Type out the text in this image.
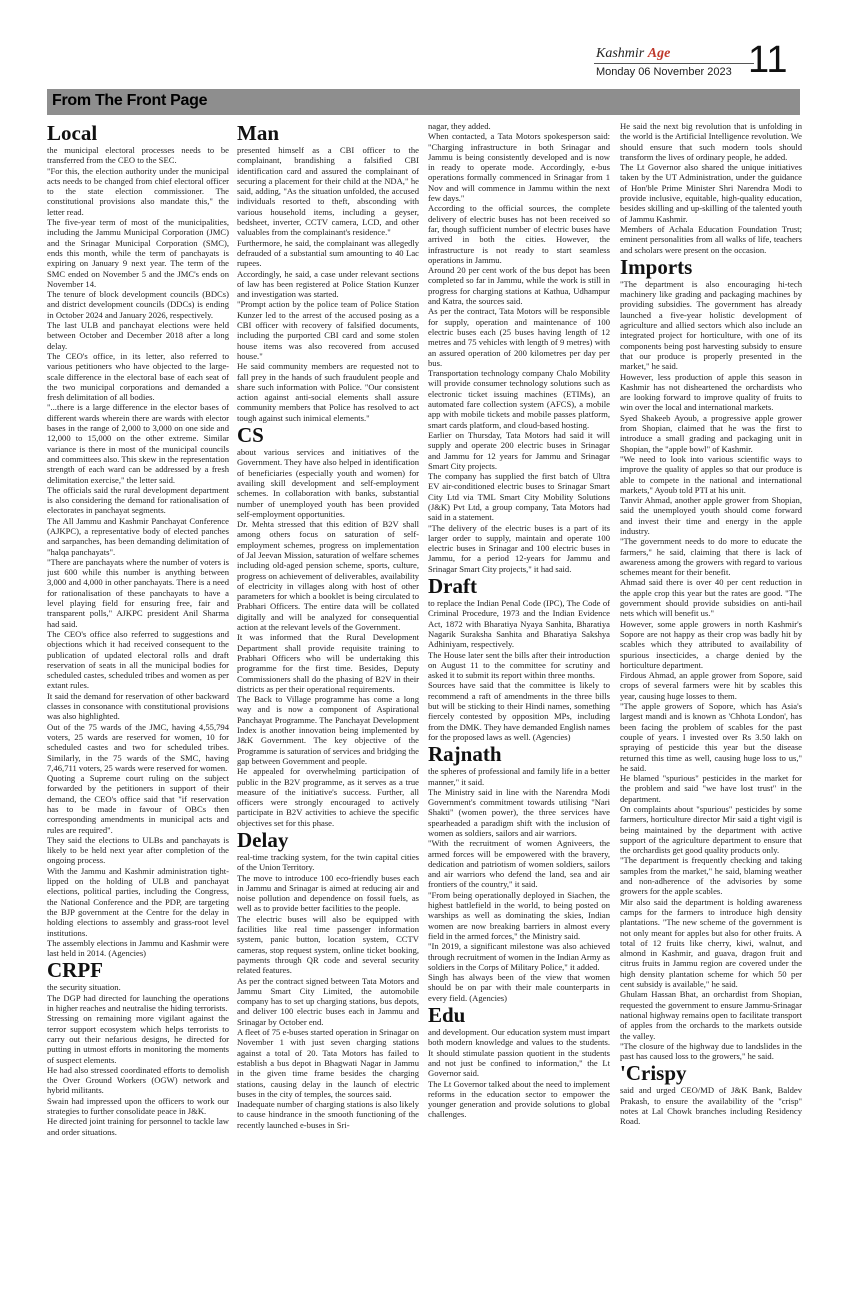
Kashmir Age
Monday 06 November 2023 11
From The Front Page
Local

the municipal electoral processes needs to be transferred from the CEO to the SEC.

"For this, the election authority under the municipal acts needs to be changed from chief electoral officer to the state election commissioner. The constitutional provisions also mandate this," the letter read.

The five-year term of most of the municipalities, including the Jammu Municipal Corporation (JMC) and the Srinagar Municipal Corporation (SMC), ends this month, while the term of panchayats is expiring on January 9 next year. The term of the SMC ended on November 5 and the JMC's ends on November 14.

The tenure of block development councils (BDCs) and district development councils (DDCs) is ending in October 2024 and January 2026, respectively.

The last ULB and panchayat elections were held between October and December 2018 after a long delay.

The CEO's office, in its letter, also referred to various petitioners who have objected to the large-scale difference in the electoral base of each seat of the two municipal corporations and demanded a fresh delimitation of all bodies.

"...there is a large difference in the elector bases of different wards wherein there are wards with elector bases in the range of 2,000 to 3,000 on one side and 12,000 to 15,000 on the other extreme. Similar variance is there in most of the municipal councils and committees also. This skew in the representation strength of each ward can be addressed by a fresh delimitation exercise," the letter said.

The officials said the rural development department is also considering the demand for rationalisation of electorates in panchayat segments.

The All Jammu and Kashmir Panchayat Conference (AJKPC), a representative body of elected panches and sarpanches, has been demanding delimitation of "halqa panchayats".

"There are panchayats where the number of voters is just 600 while this number is anything between 3,000 and 4,000 in other panchayats. There is a need for rationalisation of these panchayats to have a level playing field for ensuring free, fair and transparent polls," AJKPC president Anil Sharma had said.

The CEO's office also referred to suggestions and objections which it had received consequent to the publication of updated electoral rolls and draft reservation of seats in all the municipal bodies for scheduled castes, scheduled tribes and women as per extant rules.

It said the demand for reservation of other backward classes in consonance with constitutional provisions was also highlighted.

Out of the 75 wards of the JMC, having 4,55,794 voters, 25 wards are reserved for women, 10 for scheduled castes and two for scheduled tribes. Similarly, in the 75 wards of the SMC, having 7,46,711 voters, 25 wards were reserved for women.

Quoting a Supreme court ruling on the subject forwarded by the petitioners in support of their demand, the CEO's office said that "if reservation has to be made in favour of OBCs then corresponding amendments in municipal acts and rules are required".

They said the elections to ULBs and panchayats is likely to be held next year after completion of the ongoing process.

With the Jammu and Kashmir administration tight-lipped on the holding of ULB and panchayat elections, political parties, including the Congress, the National Conference and the PDP, are targeting the BJP government at the Centre for the delay in holding elections to assembly and grass-root level institutions.

The assembly elections in Jammu and Kashmir were last held in 2014. (Agencies)

CRPF

the security situation.

The DGP had directed for launching the operations in higher reaches and neutralise the hiding terrorists.

Stressing on remaining more vigilant against the terror support ecosystem which helps terrorists to carry out their nefarious designs, he directed for putting in utmost efforts in monitoring the moments of suspect elements.

He had also stressed coordinated efforts to demolish the Over Ground Workers (OGW) network and hybrid militants.

Swain had impressed upon the officers to work our strategies to further consolidate peace in J&K.

He directed joint training for personnel to tackle law and order situations.

Man

presented himself as a CBI officer to the complainant, brandishing a falsified CBI identification card and assured the complainant of securing a placement for their child at the NDA," he said, adding, "As the situation unfolded, the accused individuals resorted to theft, absconding with various household items, including a geyser, bedsheet, inverter, CCTV camera, LCD, and other valuables from the complainant's residence."

Furthermore, he said, the complainant was allegedly defrauded of a substantial sum amounting to 40 Lac rupees.

Accordingly, he said, a case under relevant sections of law has been registered at Police Station Kunzer and investigation was started.

"Prompt action by the police team of Police Station Kunzer led to the arrest of the accused posing as a CBI officer with recovery of falsified documents, including the purported CBI card and some stolen house items was also recovered from accused house."

He said community members are requested not to fall prey in the hands of such fraudulent people and share such information with Police. "Our consistent action against anti-social elements shall assure community members that Police has resolved to act tough against such inimical elements."

CS

about various services and initiatives of the Government. They have also helped in identification of beneficiaries (especially youth and women) for availing skill development and self-employment schemes. In collaboration with banks, substantial number of unemployed youth has been provided self-employment opportunities.

Dr. Mehta stressed that this edition of B2V shall among others focus on saturation of self-employment schemes, progress on implementation of Jal Jeevan Mission, saturation of welfare schemes including old-aged pension scheme, sports, culture, progress on achievement of deliverables, availability of electricity in villages along with host of other parameters for which a booklet is being circulated to Prabhari Officers. The entire data will be collated digitally and will be analyzed for consequential action at the relevant levels of the Government.

It was informed that the Rural Development Department shall provide requisite training to Prabhari Officers who will be undertaking this programme for the first time. Besides, Deputy Commissioners shall do the phasing of B2V in their districts as per their operational requirements.

The Back to Village programme has come a long way and is now a component of Aspirational Panchayat Programme. The Panchayat Development Index is another innovation being implemented by J&K Government. The key objective of the Programme is saturation of services and bridging the gap between Government and people.

He appealed for overwhelming participation of public in the B2V programme, as it serves as a true measure of the initiative's success. Further, all officers were strongly encouraged to actively participate in B2V activities to achieve the specific objectives set for this phase.

Delay

real-time tracking system, for the twin capital cities of the Union Territory.

The move to introduce 100 eco-friendly buses each in Jammu and Srinagar is aimed at reducing air and noise pollution and dependence on fossil fuels, as well as to provide better facilities to the people.

The electric buses will also be equipped with facilities like real time passenger information system, panic button, location system, CCTV cameras, stop request system, online ticket booking, payments through QR code and several security related features.

As per the contract signed between Tata Motors and Jammu Smart City Limited, the automobile company has to set up charging stations, bus depots, and deliver 100 electric buses each in Jammu and Srinagar by October end.

A fleet of 75 e-buses started operation in Srinagar on November 1 with just seven charging stations against a total of 20. Tata Motors has failed to establish a bus depot in Bhagwati Nagar in Jammu in the given time frame besides the charging stations, causing delay in the launch of electric buses in the city of temples, the sources said.

Inadequate number of charging stations is also likely to cause hindrance in the smooth functioning of the recently launched e-buses in Sri-

nagar, they added.

When contacted, a Tata Motors spokesperson said: "Charging infrastructure in both Srinagar and Jammu is being consistently developed and is now in ready to operate mode. Accordingly, e-bus operations formally commenced in Srinagar from 1 Nov and will commence in Jammu within the next few days."

According to the official sources, the complete delivery of electric buses has not been received so far, though sufficient number of electric buses have arrived in both the cities. However, the infrastructure is not ready to start seamless operations in Jammu.

Around 20 per cent work of the bus depot has been completed so far in Jammu, while the work is still in progress for charging stations at Kathua, Udhampur and Katra, the sources said.

As per the contract, Tata Motors will be responsible for supply, operation and maintenance of 100 electric buses each (25 buses having length of 12 metres and 75 vehicles with length of 9 metres) with an assured operation of 200 kilometres per day per bus.

Transportation technology company Chalo Mobility will provide consumer technology solutions such as electronic ticket issuing machines (ETIMs), an automated fare collection system (AFCS), a mobile app with mobile tickets and mobile passes platform, smart cards platform, and cloud-based hosting.

Earlier on Thursday, Tata Motors had said it will supply and operate 200 electric buses in Srinagar and Jammu for 12 years for Jammu and Srinagar Smart City projects.

The company has supplied the first batch of Ultra EV air-conditioned electric buses to Srinagar Smart City Ltd via TML Smart City Mobility Solutions (J&K) Pvt Ltd, a group company, Tata Motors had said in a statement.

"The delivery of the electric buses is a part of its larger order to supply, maintain and operate 100 electric buses in Srinagar and 100 electric buses in Jammu, for a period 12-years for Jammu and Srinagar Smart City projects," it had said.

Draft

to replace the Indian Penal Code (IPC), The Code of Criminal Procedure, 1973 and the Indian Evidence Act, 1872 with Bharatiya Nyaya Sanhita, Bharatiya Nagarik Suraksha Sanhita and Bharatiya Sakshya Adhiniyam, respectively.

The House later sent the bills after their introduction on August 11 to the committee for scrutiny and asked it to submit its report within three months.

Sources have said that the committee is likely to recommend a raft of amendments in the three bills but will be sticking to their Hindi names, something fiercely contested by opposition MPs, including from the DMK. They have demanded English names for the proposed laws as well. (Agencies)

Rajnath

the spheres of professional and family life in a better manner," it said.

The Ministry said in line with the Narendra Modi Government's commitment towards utilising "Nari Shakti" (women power), the three services have spearheaded a paradigm shift with the inclusion of women as soldiers, sailors and air warriors.

"With the recruitment of women Agniveers, the armed forces will be empowered with the bravery, dedication and patriotism of women soldiers, sailors and air warriors who defend the land, sea and air frontiers of the country," it said.

"From being operationally deployed in Siachen, the highest battlefield in the world, to being posted on warships as well as dominating the skies, Indian women are now breaking barriers in almost every field in the armed forces," the Ministry said.

"In 2019, a significant milestone was also achieved through recruitment of women in the Indian Army as soldiers in the Corps of Military Police," it added.

Singh has always been of the view that women should be on par with their male counterparts in every field. (Agencies)

Edu

and development. Our education system must impart both modern knowledge and values to the students. It should stimulate passion quotient in the students and not just be confined to information," the Lt Governor said.

The Lt Governor talked about the need to implement reforms in the education sector to empower the younger generation and provide solutions to global challenges.

He said the next big revolution that is unfolding in the world is the Artificial Intelligence revolution. We should ensure that such modern tools should transform the lives of ordinary people, he added.

The Lt Governor also shared the unique initiatives taken by the UT Administration, under the guidance of Hon'ble Prime Minister Shri Narendra Modi to provide inclusive, equitable, high-quality education, besides skilling and up-skilling of the talented youth of Jammu Kashmir.

Members of Achala Education Foundation Trust; eminent personalities from all walks of life, teachers and scholars were present on the occasion.

Imports

"The department is also encouraging hi-tech machinery like grading and packaging machines by providing subsidies. The government has already launched a five-year holistic development of agriculture and allied sectors which also include an integrated project for horticulture, with one of its components being post harvesting subsidy to ensure that our produce is properly presented in the market," he said.

However, less production of apple this season in Kashmir has not disheartened the orchardists who are looking forward to improve quality of fruits to win over the local and international markets.

Syed Shakeeb Ayoub, a progressive apple grower from Shopian, claimed that he was the first to introduce a small grading and packaging unit in Shopian, the "apple bowl" of Kashmir.

"We need to look into various scientific ways to improve the quality of apples so that our produce is able to compete in the national and international markets," Ayoub told PTI at his unit.

Tanvir Ahmad, another apple grower from Shopian, said the unemployed youth should come forward and invest their time and energy in the apple industry.

"The government needs to do more to educate the farmers," he said, claiming that there is lack of awareness among the growers with regard to various schemes meant for their benefit.

Ahmad said there is over 40 per cent reduction in the apple crop this year but the rates are good. "The government should provide subsidies on anti-hail nets which will benefit us."

However, some apple growers in north Kashmir's Sopore are not happy as their crop was badly hit by scables which they attributed to availability of spurious insecticides, a charge denied by the horticulture department.

Firdous Ahmad, an apple grower from Sopore, said crops of several farmers were hit by scables this year, causing huge losses to them.

"The apple growers of Sopore, which has Asia's largest mandi and is known as 'Chhota London', has been facing the problem of scables for the past couple of years. I invested over Rs 3.50 lakh on spraying of pesticide this year but the disease returned this time as well, causing huge loss to us," he said.

He blamed "spurious" pesticides in the market for the problem and said "we have lost trust" in the department.

On complaints about "spurious" pesticides by some farmers, horticulture director Mir said a tight vigil is being maintained by the department with active support of the agriculture department to ensure that the orchardists get good quality products only.

"The department is frequently checking and taking samples from the market," he said, blaming weather and non-adherence of the advisories by some growers for the apple scables.

Mir also said the department is holding awareness camps for the farmers to introduce high density plantations. "The new scheme of the government is not only meant for apples but also for other fruits. A total of 12 fruits like cherry, kiwi, walnut, and almond in Kashmir, and guava, dragon fruit and citrus fruits in Jammu region are covered under the high density plantation scheme for which 50 per cent subsidy is available," he said.

Ghulam Hassan Bhat, an orchardist from Shopian, requested the government to ensure Jammu-Srinagar national highway remains open to facilitate transport of apples from the orchards to the markets outside the valley.

"The closure of the highway due to landslides in the past has caused loss to the growers," he said.

'Crispy

said and urged CEO/MD of J&K Bank, Baldev Prakash, to ensure the availability of the "crisp" notes at Lal Chowk branches including Residency Road.
